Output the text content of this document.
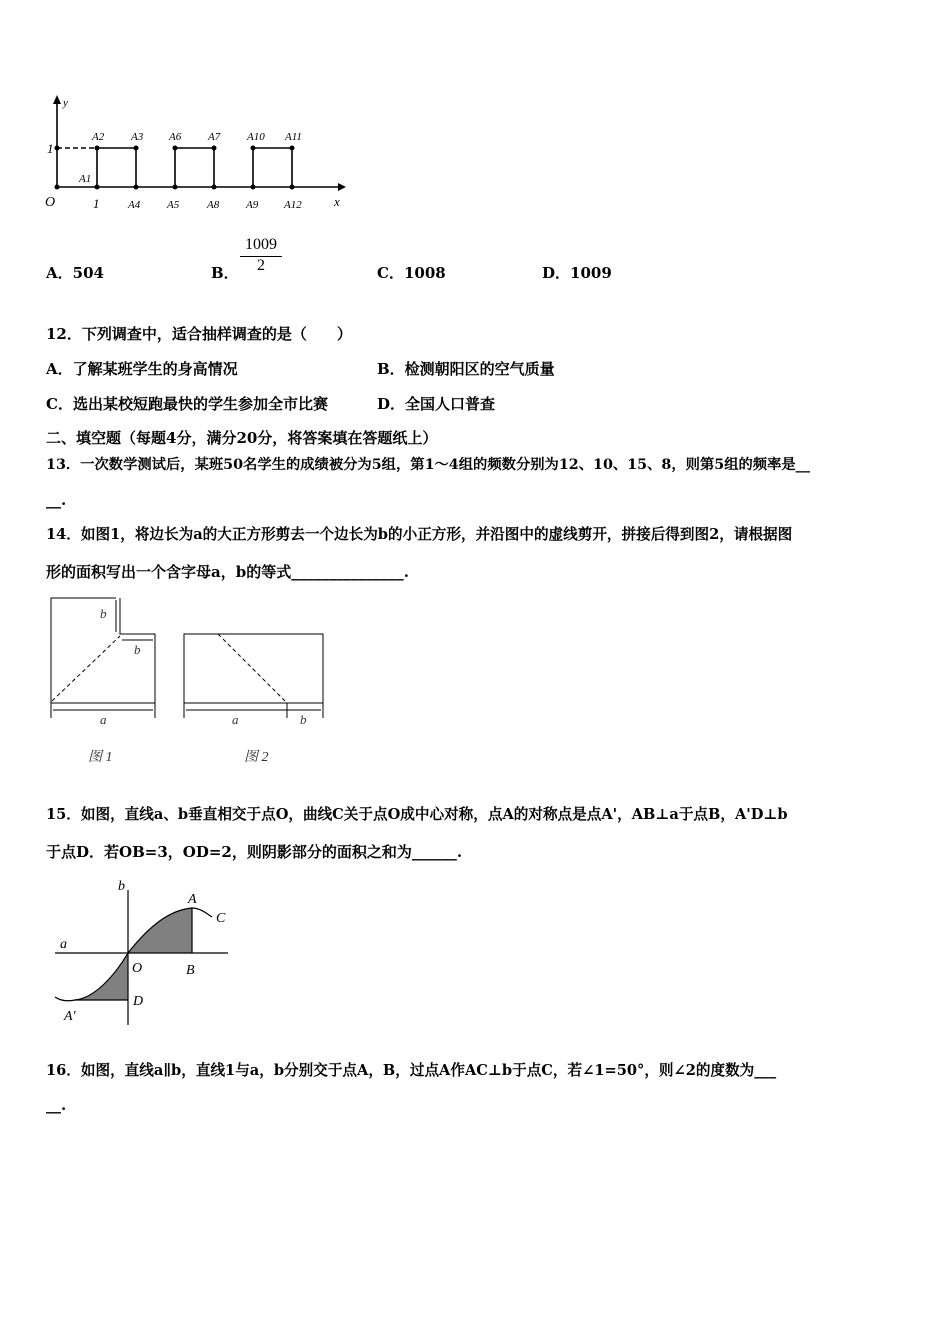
y
x
O
1
1
A1
A2 A3
A4 A5
A6 A7
A8 A9
A10 A11
A12
A．504	B． $\frac{1009}{2}$	C．1008	D．1009
12．下列调查中，适合抽样调查的是（　　）
A．了解某班学生的身高情况	B．检测朝阳区的空气质量
C．选出某校短跑最快的学生参加全市比赛	D．全国人口普查
二、填空题（每题4分，满分20分，将答案填在答题纸上）
13．一次数学测试后，某班50名学生的成绩被分为5组，第1～4组的频数分别为12、10、15、8，则第5组的频率是__
__.
14．如图1，将边长为a的大正方形剪去一个边长为b的小正方形，并沿图中的虚线剪开，拼接后得到图2，请根据图
形的面积写出一个含字母a，b的等式_______________.
b
b
a	a	b
图 1	图 2
15．如图，直线a、b垂直相交于点O，曲线C关于点O成中心对称，点A的对称点是点A'，AB⊥a于点B，A'D⊥b
于点D．若OB=3，OD=2，则阴影部分的面积之和为______.
b
a
A
C
O	B
D
A'
16．如图，直线a∥b，直线1与a，b分别交于点A，B，过点A作AC⊥b于点C，若∠1=50°，则∠2的度数为___
__.
